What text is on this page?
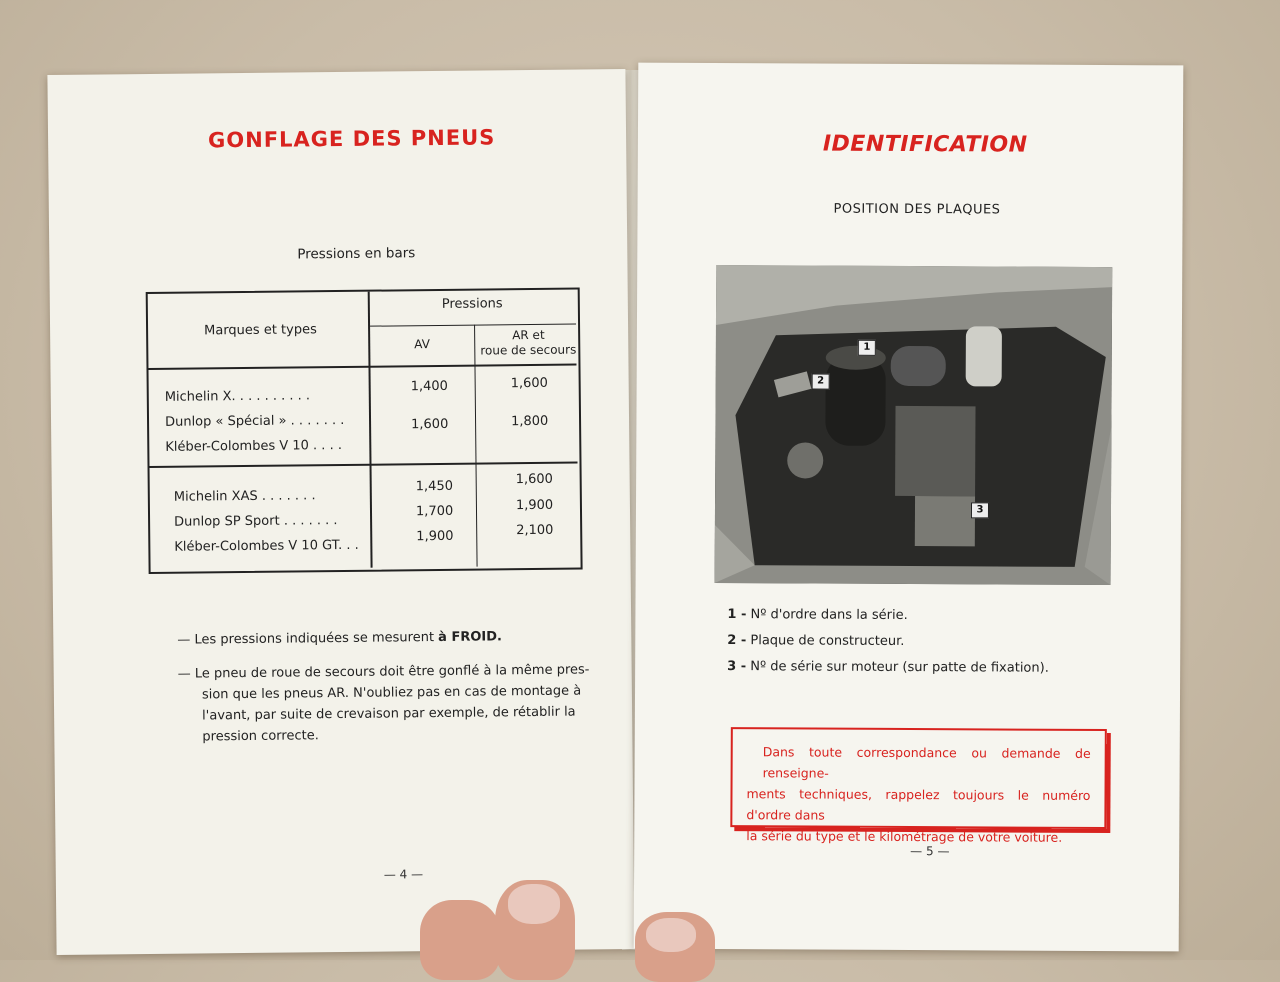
GONFLAGE DES PNEUS
Pressions en bars
Marques et types
Pressions
AV
AR et
roue de secours
Michelin X. . . . . . . . . .
Dunlop « Spécial » . . . . . . .
Kléber-Colombes V 10 . . . .
1,400
1,600
1,600
1,800
Michelin XAS . . . . . . .
Dunlop SP Sport . . . . . . .
Kléber-Colombes V 10 GT. . .
1,450
1,700
1,900
1,600
1,900
2,100
— Les pressions indiquées se mesurent à FROID.
— Le pneu de roue de secours doit être gonflé à la même pres-
sion que les pneus AR. N'oubliez pas en cas de montage à
l'avant, par suite de crevaison par exemple, de rétablir la
pression correcte.
— 4 —
IDENTIFICATION
POSITION DES PLAQUES
1
2
3
1 - Nº d'ordre dans la série.
2 - Plaque de constructeur.
3 - Nº de série sur moteur (sur patte de fixation).
Dans toute correspondance ou demande de renseigne-
ments techniques, rappelez toujours le numéro d'ordre dans
la série du type et le kilométrage de votre voiture.
— 5 —
